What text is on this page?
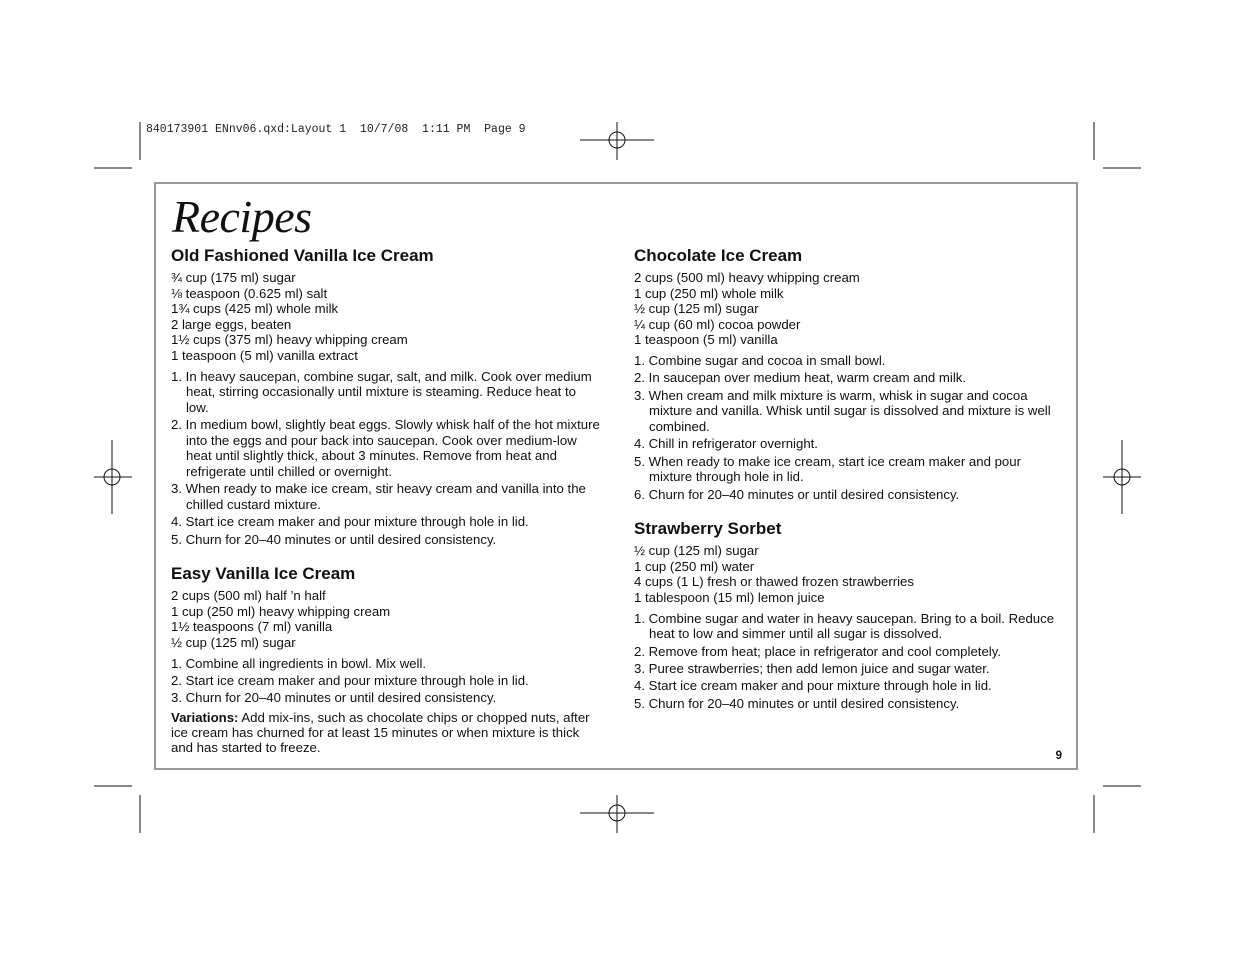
840173901 ENnv06.qxd:Layout 1  10/7/08  1:11 PM  Page 9
Recipes
Old Fashioned Vanilla Ice Cream
¾ cup (175 ml) sugar
⅛ teaspoon (0.625 ml) salt
1¾ cups (425 ml) whole milk
2 large eggs, beaten
1½ cups (375 ml) heavy whipping cream
1 teaspoon (5 ml) vanilla extract
1. In heavy saucepan, combine sugar, salt, and milk. Cook over medium heat, stirring occasionally until mixture is steaming. Reduce heat to low.
2. In medium bowl, slightly beat eggs. Slowly whisk half of the hot mixture into the eggs and pour back into saucepan. Cook over medium-low heat until slightly thick, about 3 minutes. Remove from heat and refrigerate until chilled or overnight.
3. When ready to make ice cream, stir heavy cream and vanilla into the chilled custard mixture.
4. Start ice cream maker and pour mixture through hole in lid.
5. Churn for 20–40 minutes or until desired consistency.
Easy Vanilla Ice Cream
2 cups (500 ml) half ’n half
1 cup (250 ml) heavy whipping cream
1½ teaspoons (7 ml) vanilla
½ cup (125 ml) sugar
1. Combine all ingredients in bowl. Mix well.
2. Start ice cream maker and pour mixture through hole in lid.
3. Churn for 20–40 minutes or until desired consistency.

Variations: Add mix-ins, such as chocolate chips or chopped nuts, after ice cream has churned for at least 15 minutes or when mixture is thick and has started to freeze.

Chocolate Ice Cream
2 cups (500 ml) heavy whipping cream
1 cup (250 ml) whole milk
½ cup (125 ml) sugar
¼ cup (60 ml) cocoa powder
1 teaspoon (5 ml) vanilla
1. Combine sugar and cocoa in small bowl.
2. In saucepan over medium heat, warm cream and milk.
3. When cream and milk mixture is warm, whisk in sugar and cocoa mixture and vanilla. Whisk until sugar is dissolved and mixture is well combined.
4. Chill in refrigerator overnight.
5. When ready to make ice cream, start ice cream maker and pour mixture through hole in lid.
6. Churn for 20–40 minutes or until desired consistency.
Strawberry Sorbet
½ cup (125 ml) sugar
1 cup (250 ml) water
4 cups (1 L) fresh or thawed frozen strawberries
1 tablespoon (15 ml) lemon juice
1. Combine sugar and water in heavy saucepan. Bring to a boil. Reduce heat to low and simmer until all sugar is dissolved.
2. Remove from heat; place in refrigerator and cool completely.
3. Puree strawberries; then add lemon juice and sugar water.
4. Start ice cream maker and pour mixture through hole in lid.
5. Churn for 20–40 minutes or until desired consistency.
9
